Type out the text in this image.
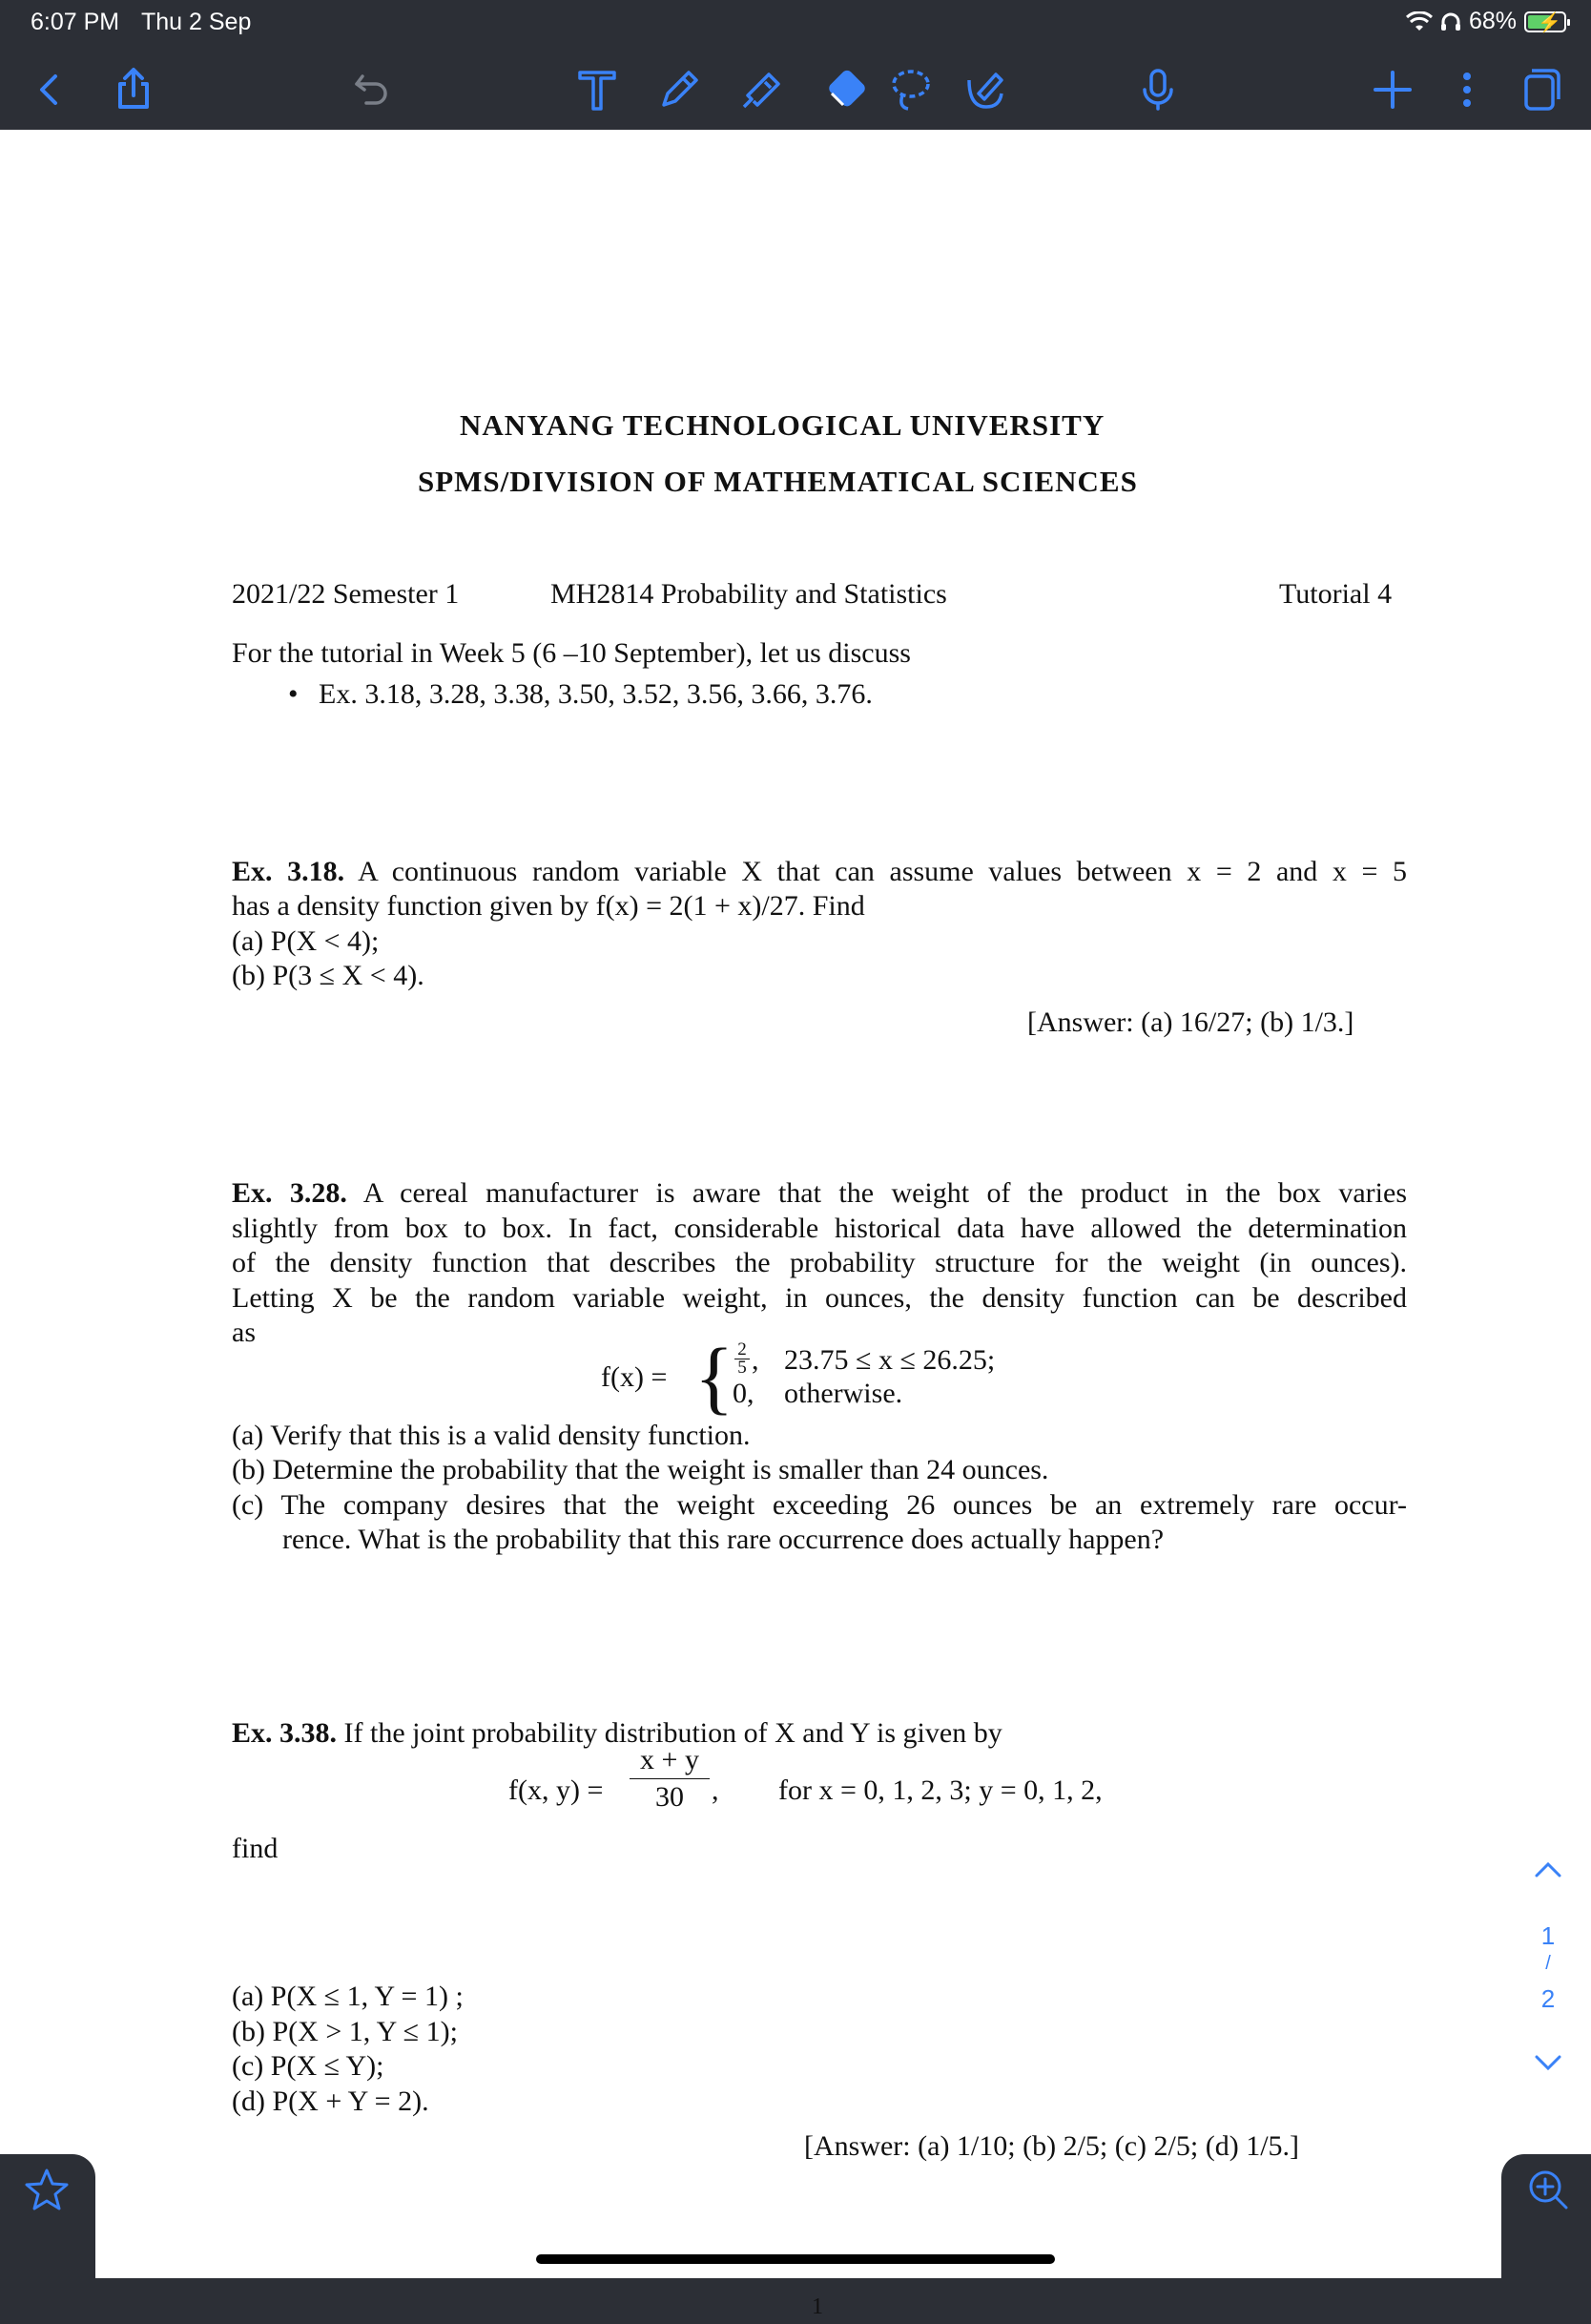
6:07 PM Thu 2 Sep	68% ⚡
NANYANG TECHNOLOGICAL UNIVERSITY
SPMS/DIVISION OF MATHEMATICAL SCIENCES
2021/22 Semester 1	MH2814 Probability and Statistics	Tutorial 4
For the tutorial in Week 5 (6 –10 September), let us discuss
• Ex. 3.18, 3.28, 3.38, 3.50, 3.52, 3.56, 3.66, 3.76.
Ex. 3.18. A continuous random variable X that can assume values between x = 2 and x = 5
has a density function given by f(x) = 2(1 + x)/27. Find
(a) P(X < 4);
(b) P(3 ≤ X < 4).
[Answer: (a) 16/27; (b) 1/3.]
Ex. 3.28. A cereal manufacturer is aware that the weight of the product in the box varies
slightly from box to box. In fact, considerable historical data have allowed the determination
of the density function that describes the probability structure for the weight (in ounces).
Letting X be the random variable weight, in ounces, the density function can be described
as
f(x) = { 2
5 , 23.75 ≤ x ≤ 26.25;
0, otherwise.
(a) Verify that this is a valid density function.
(b) Determine the probability that the weight is smaller than 24 ounces.
(c) The company desires that the weight exceeding 26 ounces be an extremely rare occur-
rence. What is the probability that this rare occurrence does actually happen?
Ex. 3.38. If the joint probability distribution of X and Y is given by
f(x, y) =
x + y
30 , for x = 0, 1, 2, 3; y = 0, 1, 2,
find
(a) P(X ≤ 1, Y = 1) ;
(b) P(X > 1, Y ≤ 1);
(c) P(X ≤ Y);
(d) P(X + Y = 2).
[Answer: (a) 1/10; (b) 2/5; (c) 2/5; (d) 1/5.]
1
1
/
2
